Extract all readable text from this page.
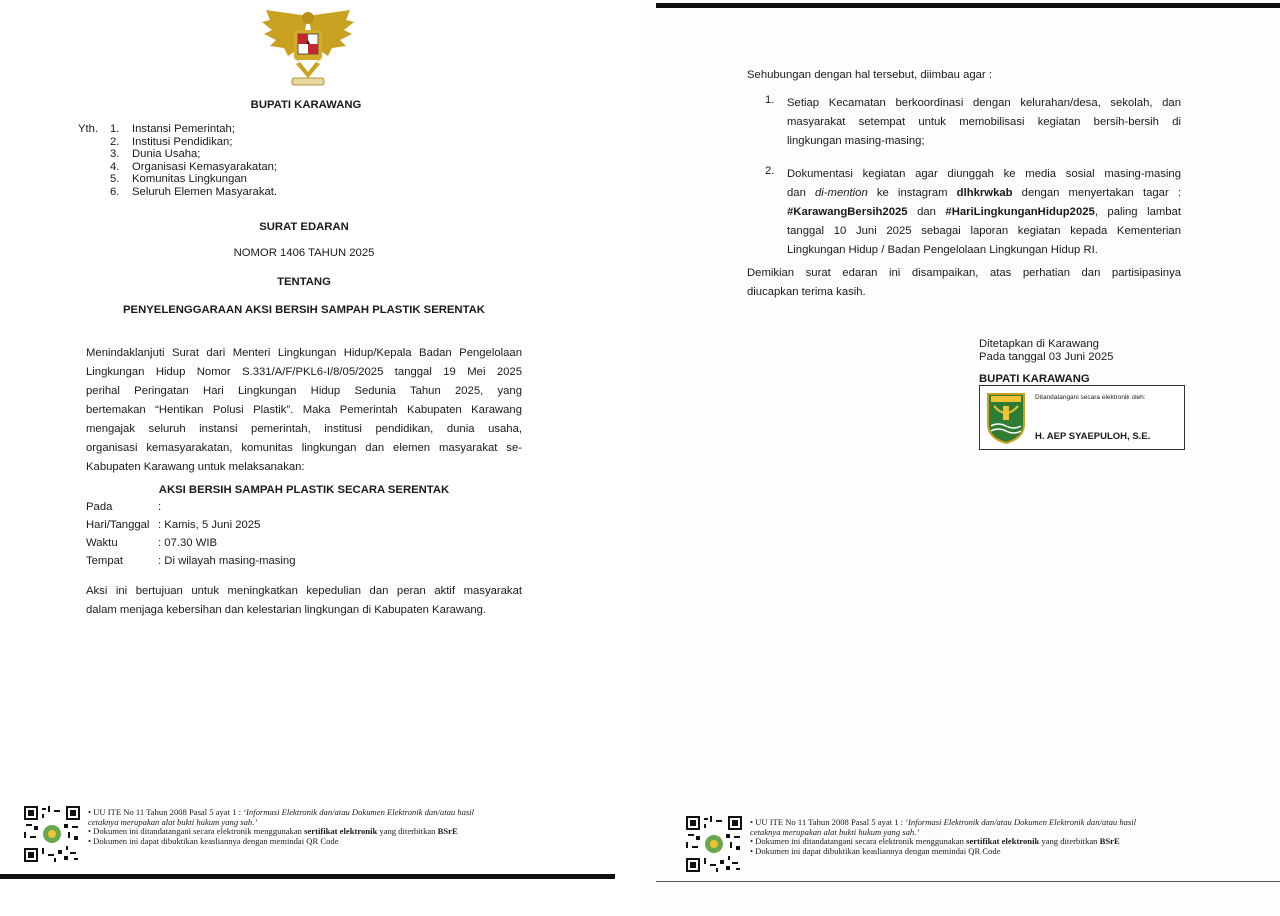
BUPATI KARAWANG
Yth. 1.	Instansi Pemerintah;
2.	Institusi Pendidikan;
3.	Dunia Usaha;
4.	Organisasi Kemasyarakatan;
5.	Komunitas Lingkungan
6.	Seluruh Elemen Masyarakat.
SURAT EDARAN
NOMOR 1406 TAHUN 2025
TENTANG
PENYELENGGARAAN AKSI BERSIH SAMPAH PLASTIK SERENTAK
Menindaklanjuti Surat dari Menteri Lingkungan Hidup/Kepala Badan Pengelolaan
Lingkungan Hidup Nomor S.331/A/F/PKL6-I/8/05/2025 tanggal 19 Mei 2025
perihal Peringatan Hari Lingkungan Hidup Sedunia Tahun 2025, yang
bertemakan “Hentikan Polusi Plastik”. Maka Pemerintah Kabupaten Karawang
mengajak seluruh instansi pemerintah, institusi pendidikan, dunia usaha,
organisasi kemasyarakatan, komunitas lingkungan dan elemen masyarakat se-
Kabupaten Karawang untuk melaksanakan:
AKSI BERSIH SAMPAH PLASTIK SECARA SERENTAK
Pada	:

Hari/Tanggal :
Kamis, 5 Juni 2025
Waktu	:
07.30 WIB
Tempat	:
Di wilayah masing-masing
Aksi ini bertujuan untuk meningkatkan kepedulian dan peran aktif masyarakat
dalam menjaga kebersihan dan kelestarian lingkungan di Kabupaten Karawang.
• UU ITE No 11 Tahun 2008 Pasal 5 ayat 1 : ‘Informasi Elektronik dan/atau Dokumen Elektronik dan/atau hasil
cetaknya merupakan alat bukti hukum yang sah.’
• Dokumen ini ditandatangani secara elektronik menggunakan sertifikat elektronik yang diterbitkan BSrE
• Dokumen ini dapat dibuktikan keasliannya dengan memindai QR Code
Sehubungan dengan hal tersebut, diimbau agar :
1.	Setiap Kecamatan berkoordinasi dengan kelurahan/desa, sekolah, dan
masyarakat setempat untuk memobilisasi kegiatan bersih-bersih di
lingkungan masing-masing;
2.	Dokumentasi kegiatan agar diunggah ke media sosial masing-masing
dan di-mention ke instagram dlhkrwkab dengan menyertakan tagar :
#KarawangBersih2025 dan #HariLingkunganHidup2025, paling lambat
tanggal 10 Juni 2025 sebagai laporan kegiatan kepada Kementerian
Lingkungan Hidup / Badan Pengelolaan Lingkungan Hidup RI.
Demikian surat edaran ini disampaikan, atas perhatian dan partisipasinya
diucapkan terima kasih.
Ditetapkan di Karawang
Pada tanggal 03 Juni 2025
BUPATI KARAWANG
Ditandatangani secara elektronik oleh:
H. AEP SYAEPULOH, S.E.
• UU ITE No 11 Tahun 2008 Pasal 5 ayat 1 : ‘Informasi Elektronik dan/atau Dokumen Elektronik dan/atau hasil
cetaknya merupakan alat bukti hukum yang sah.’
• Dokumen ini ditandatangani secara elektronik menggunakan sertifikat elektronik yang diterbitkan BSrE
• Dokumen ini dapat dibuktikan keasliannya dengan memindai QR Code
